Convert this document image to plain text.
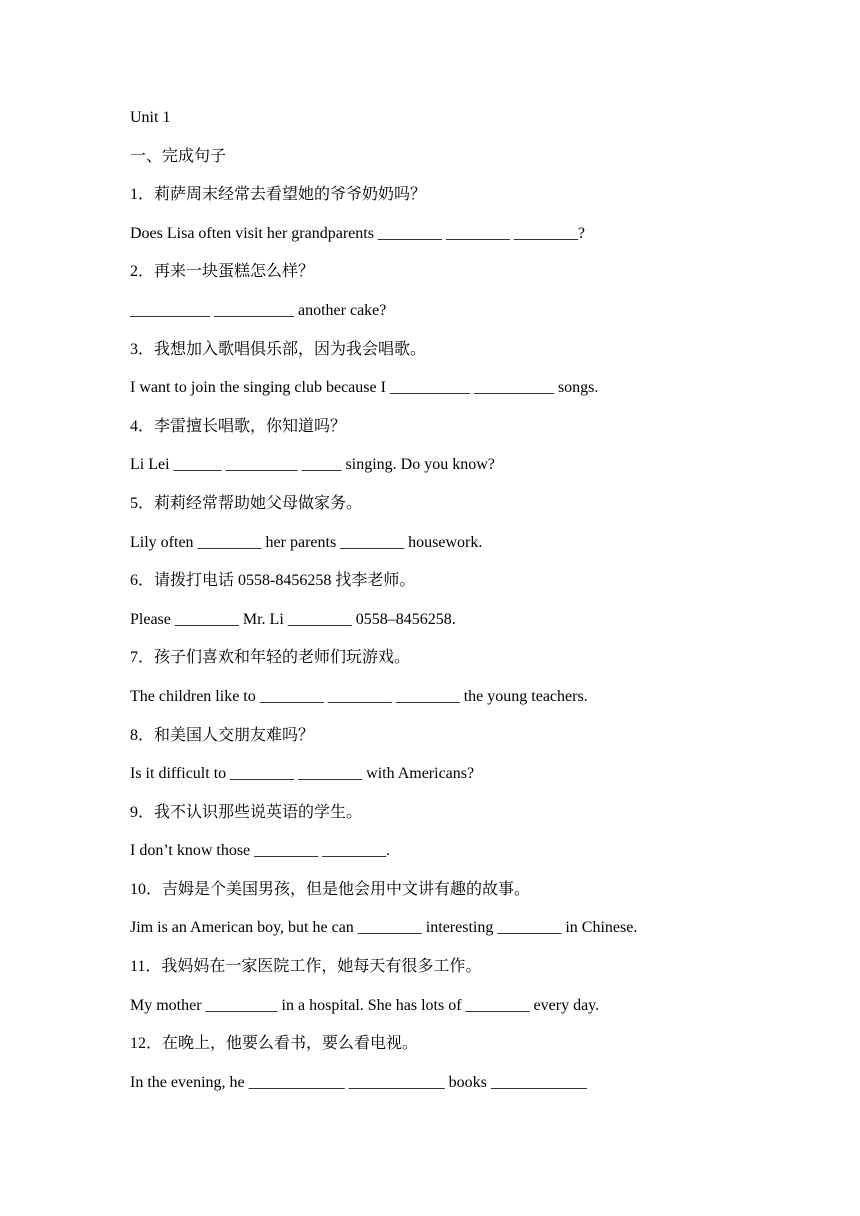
Unit 1
一、完成句子
1．莉萨周末经常去看望她的爷爷奶奶吗？
Does Lisa often visit her grandparents ________ ________ ________?
2．再来一块蛋糕怎么样？
__________ __________ another cake?
3．我想加入歌唱俱乐部，因为我会唱歌。
I want to join the singing club because I __________ __________ songs.
4．李雷擅长唱歌，你知道吗？
Li Lei ______ _________ _____ singing. Do you know?
5．莉莉经常帮助她父母做家务。
Lily often ________ her parents ________ housework.
6．请拨打电话 0558-8456258 找李老师。
Please ________ Mr. Li ________ 0558–8456258.
7．孩子们喜欢和年轻的老师们玩游戏。
The children like to ________ ________ ________ the young teachers.
8．和美国人交朋友难吗？
Is it difficult to ________ ________ with Americans?
9．我不认识那些说英语的学生。
I don’t know those ________ ________.
10．吉姆是个美国男孩，但是他会用中文讲有趣的故事。
Jim is an American boy, but he can ________ interesting ________ in Chinese.
11．我妈妈在一家医院工作，她每天有很多工作。
My mother _________ in a hospital. She has lots of ________ every day.
12．在晚上，他要么看书，要么看电视。
In the evening, he ____________ ____________ books ____________
